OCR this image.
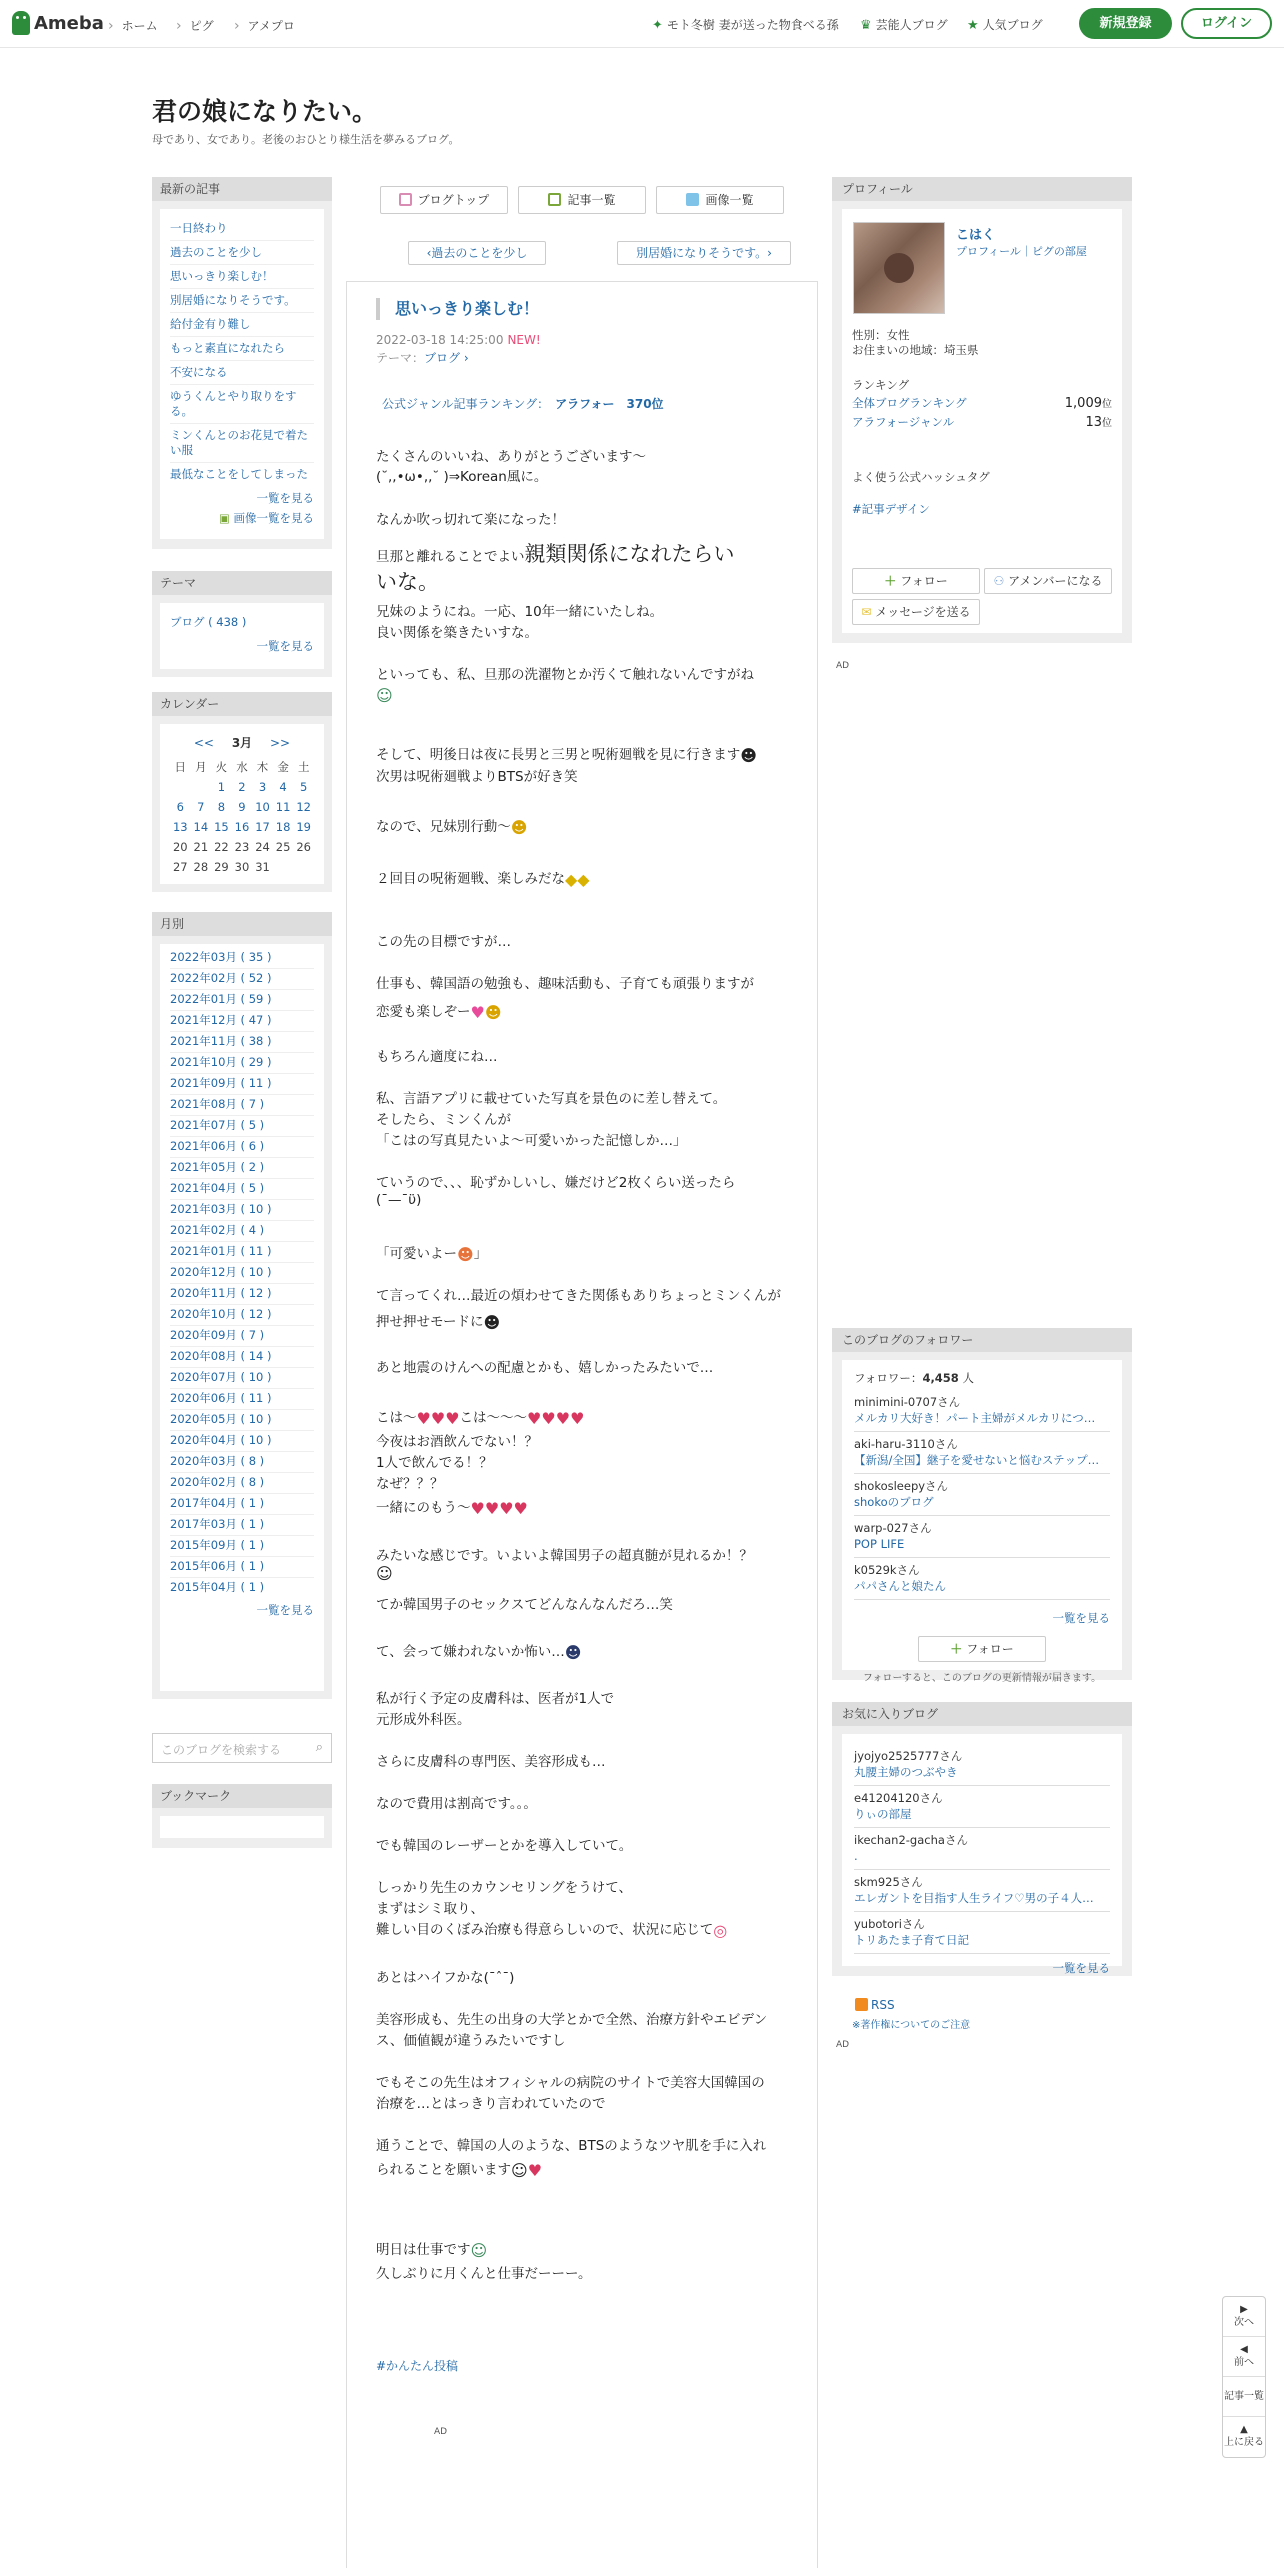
Ameba	› ホーム	› ピグ	› アメプロ	✦ モト冬樹 妻が送った物食べる孫 ♛ 芸能人ブログ ★ 人気ブログ	新規登録	ログイン
君の娘になりたい。
母であり、女であり。老後のおひとり様生活を夢みるブログ。
最新の記事
一日終わり
過去のことを少し
思いっきり楽しむ！
別居婚になりそうです。
給付金有り難し
もっと素直になれたら
不安になる
ゆうくんとやり取りをする。
ミンくんとのお花見で着たい服
最低なことをしてしまった
一覧を見る
▣ 画像一覧を見る
テーマ
ブログ ( 438 )
一覧を見る
カレンダー
<< 3月 >>
日	月	火	水	木	金	土
		1	2	3	4	5
6	7	8	9	10	11	12
13	14	15	16	17	18	19
20	21	22	23	24	25	26
27	28	29	30	31		
月別
2022年03月 ( 35 )
2022年02月 ( 52 )
2022年01月 ( 59 )
2021年12月 ( 47 )
2021年11月 ( 38 )
2021年10月 ( 29 )
2021年09月 ( 11 )
2021年08月 ( 7 )
2021年07月 ( 5 )
2021年06月 ( 6 )
2021年05月 ( 2 )
2021年04月 ( 5 )
2021年03月 ( 10 )
2021年02月 ( 4 )
2021年01月 ( 11 )
2020年12月 ( 10 )
2020年11月 ( 12 )
2020年10月 ( 12 )
2020年09月 ( 7 )
2020年08月 ( 14 )
2020年07月 ( 10 )
2020年06月 ( 11 )
2020年05月 ( 10 )
2020年04月 ( 10 )
2020年03月 ( 8 )
2020年02月 ( 8 )
2017年04月 ( 1 )
2017年03月 ( 1 )
2015年09月 ( 1 )
2015年06月 ( 1 )
2015年04月 ( 1 )
一覧を見る
このブログを検索する	⌕
ブックマーク
ブログトップ	記事一覧	画像一覧
‹過去のことを少し	別居婚になりそうです。›
思いっきり楽しむ！
2022-03-18 14:25:00 NEW!
テーマ：ブログ ›
公式ジャンル記事ランキング： アラフォー　370位
たくさんのいいね、ありがとうございます〜
(˘,,•ω•,,˘ )⇒Korean風に。
なんか吹っ切れて楽になった！
旦那と離れることでよい親類関係になれたらい
いな。
兄妹のようにね。一応、10年一緒にいたしね。
良い関係を築きたいすな。
といっても、私、旦那の洗濯物とか汚くて触れないんですがね
☺
そして、明後日は夜に長男と三男と呪術廻戦を見に行きます☻
次男は呪術廻戦よりBTSが好き笑
なので、兄妹別行動〜☻
２回目の呪術廻戦、楽しみだな◆◆
この先の目標ですが…
仕事も、韓国語の勉強も、趣味活動も、子育ても頑張りますが
恋愛も楽しぞー♥☻
もちろん適度にね…
私、言語アプリに載せていた写真を景色のに差し替えて。
そしたら、ミンくんが
「こはの写真見たいよ〜可愛いかった記憶しか…」
ていうので、、、恥ずかしいし、嫌だけど2枚くらい送ったら
(¯—¯ϋ)
「可愛いよー☻」
て言ってくれ…最近の煩わせてきた関係もありちょっとミンくんが
押せ押せモードに☻
あと地震のけんへの配慮とかも、嬉しかったみたいで…
こは〜♥♥♥こは〜〜〜♥♥♥♥
今夜はお酒飲んでない！？
1人で飲んでる！？
なぜ？？？
一緒にのもう〜♥♥♥♥
みたいな感じです。いよいよ韓国男子の超真髄が見れるか！？
☺
てか韓国男子のセックスてどんなんなんだろ…笑
て、会って嫌われないか怖い…☻
私が行く予定の皮膚科は、医者が1人で
元形成外科医。
さらに皮膚科の専門医、美容形成も…
なので費用は割高です。。。
でも韓国のレーザーとかを導入していて。
しっかり先生のカウンセリングをうけて、
まずはシミ取り、
難しい目のくぼみ治療も得意らしいので、状況に応じて◎
あとはハイフかな(¯ˆ¯)
美容形成も、先生の出身の大学とかで全然、治療方針やエビデン
ス、価値観が違うみたいですし
でもそこの先生はオフィシャルの病院のサイトで美容大国韓国の
治療を…とはっきり言われていたので
通うことで、韓国の人のような、BTSのようなツヤ肌を手に入れ
られることを願います☺♥
明日は仕事です☺
久しぶりに月くんと仕事だーーー。
#かんたん投稿
AD
プロフィール
こはく
プロフィール｜ピグの部屋
性別：女性
お住まいの地域：埼玉県
ランキング
全体ブログランキング	1,009位
アラフォージャンル	13位
よく使う公式ハッシュタグ
#記事デザイン
＋ フォロー	⚇ アメンバーになる
✉ メッセージを送る
AD
このブログのフォロワー
フォロワー：4,458 人
minimini-0707さん
メルカリ大好き！パート主婦がメルカリにつ…
aki-haru-3110さん
【新潟/全国】継子を愛せないと悩むステップ…
shokosleepyさん
shokoのブログ
warp-027さん
POP LIFE
k0529kさん
パパさんと娘たん
一覧を見る
＋ フォロー
フォローすると、このブログの更新情報が届きます。
お気に入りブログ
jyojyo2525777さん
丸腰主婦のつぶやき
e41204120さん
りぃの部屋
ikechan2-gachaさん
.
skm925さん
エレガントを目指す人生ライフ♡男の子４人…
yubotoriさん
トリあたま子育て日記
一覧を見る
RSS
※著作権についてのご注意
AD
▶
次へ
◀
前へ
記事一覧
▲
上に戻る
